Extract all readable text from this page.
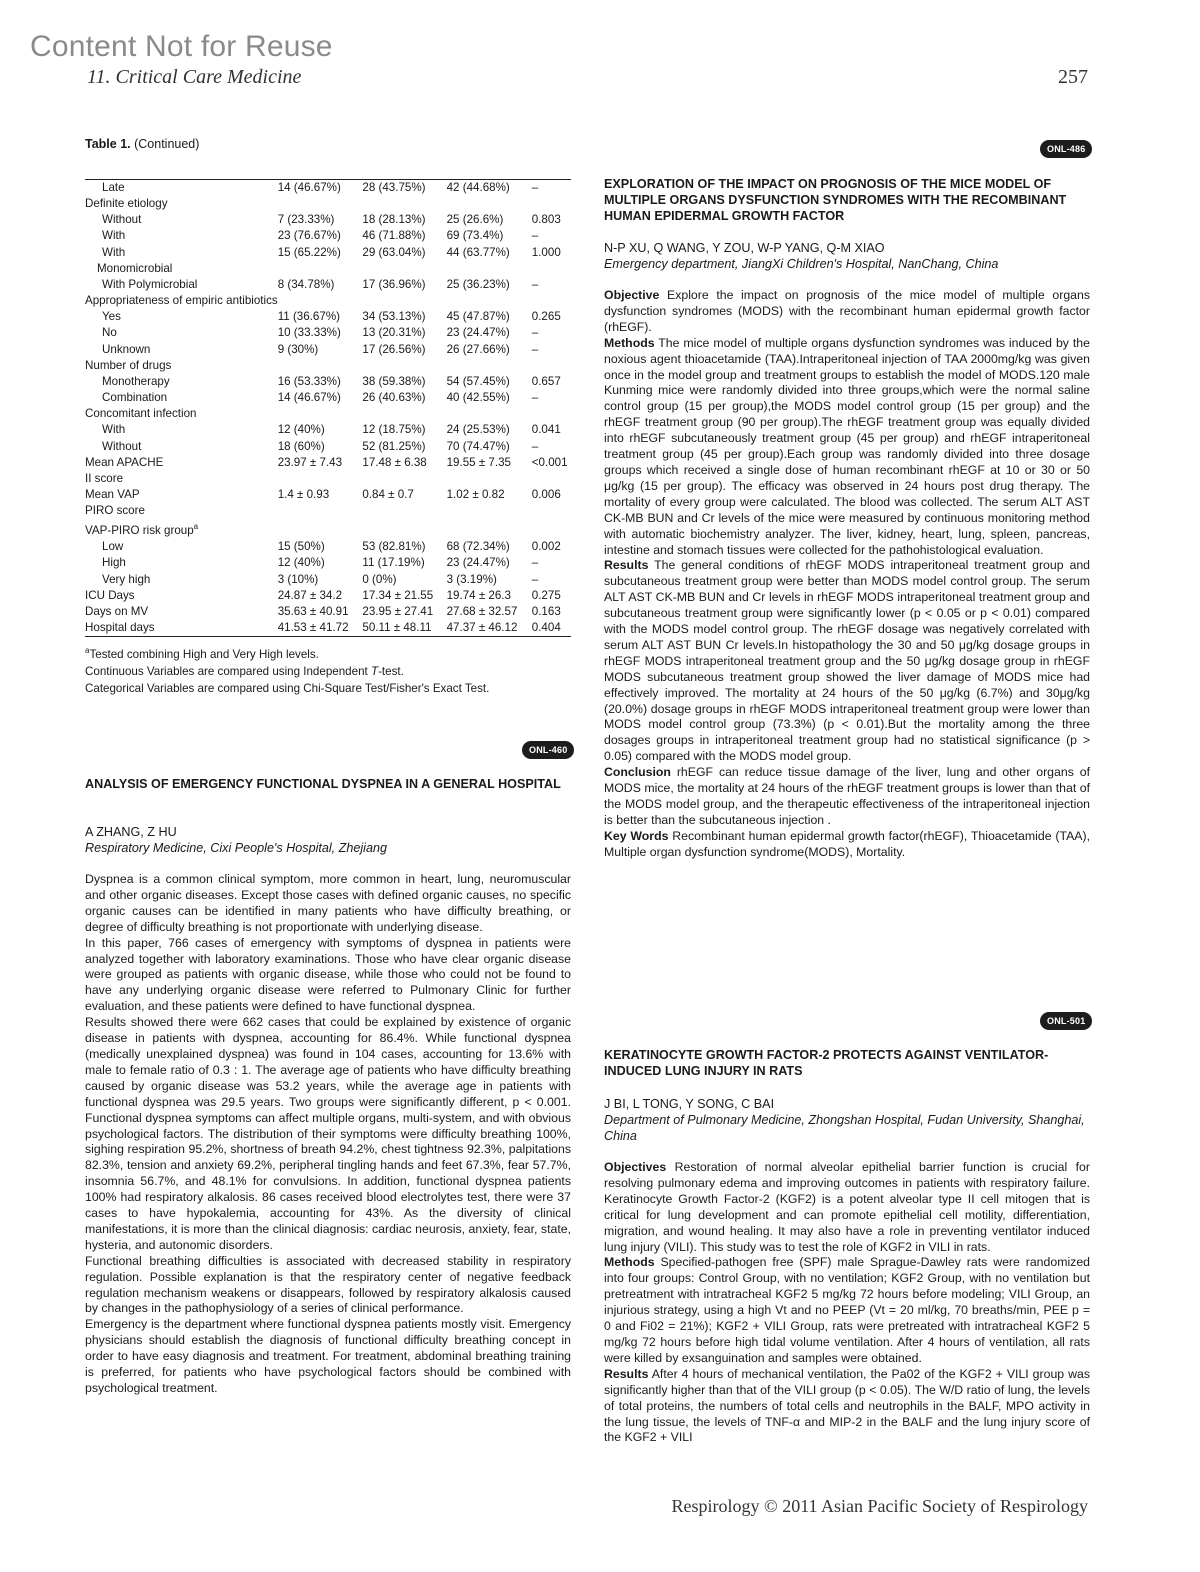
Content Not for Reuse
11. Critical Care Medicine	257
Table 1. (Continued)
Late	14 (46.67%)	28 (43.75%)	42 (44.68%)	–
Definite etiology				
Without	7 (23.33%)	18 (28.13%)	25 (26.6%)	0.803
With	23 (76.67%)	46 (71.88%)	69 (73.4%)	–
With	15 (65.22%)	29 (63.04%)	44 (63.77%)	1.000
Monomicrobial				
With Polymicrobial	8 (34.78%)	17 (36.96%)	25 (36.23%)	–
Appropriateness of empiric antibiotics				
Yes	11 (36.67%)	34 (53.13%)	45 (47.87%)	0.265
No	10 (33.33%)	13 (20.31%)	23 (24.47%)	–
Unknown	9 (30%)	17 (26.56%)	26 (27.66%)	–
Number of drugs				
Monotherapy	16 (53.33%)	38 (59.38%)	54 (57.45%)	0.657
Combination	14 (46.67%)	26 (40.63%)	40 (42.55%)	–
Concomitant infection				
With	12 (40%)	12 (18.75%)	24 (25.53%)	0.041
Without	18 (60%)	52 (81.25%)	70 (74.47%)	–
Mean APACHE	23.97 ± 7.43	17.48 ± 6.38	19.55 ± 7.35	<0.001
II score				
Mean VAP	1.4 ± 0.93	0.84 ± 0.7	1.02 ± 0.82	0.006
PIRO score				
VAP-PIRO risk group$^a$				
Low	15 (50%)	53 (82.81%)	68 (72.34%)	0.002
High	12 (40%)	11 (17.19%)	23 (24.47%)	–
Very high	3 (10%)	0 (0%)	3 (3.19%)	–
ICU Days	24.87 ± 34.2	17.34 ± 21.55	19.74 ± 26.3	0.275
Days on MV	35.63 ± 40.91	23.95 ± 27.41	27.68 ± 32.57	0.163
Hospital days	41.53 ± 41.72	50.11 ± 48.11	47.37 ± 46.12	0.404
$^a$Tested combining High and Very High levels.
Continuous Variables are compared using Independent T-test.
Categorical Variables are compared using Chi-Square Test/Fisher's Exact Test.
ONL-460
ANALYSIS OF EMERGENCY FUNCTIONAL DYSPNEA IN A GENERAL HOSPITAL
A ZHANG, Z HU
Respiratory Medicine, Cixi People's Hospital, Zhejiang

Dyspnea is a common clinical symptom, more common in heart, lung, neuromuscular and other organic diseases. Except those cases with defined organic causes, no specific organic causes can be identified in many patients who have difficulty breathing, or degree of difficulty breathing is not proportionate with underlying disease.

In this paper, 766 cases of emergency with symptoms of dyspnea in patients were analyzed together with laboratory examinations. Those who have clear organic disease were grouped as patients with organic disease, while those who could not be found to have any underlying organic disease were referred to Pulmonary Clinic for further evaluation, and these patients were defined to have functional dyspnea.

Results showed there were 662 cases that could be explained by existence of organic disease in patients with dyspnea, accounting for 86.4%. While functional dyspnea (medically unexplained dyspnea) was found in 104 cases, accounting for 13.6% with male to female ratio of 0.3 : 1. The average age of patients who have difficulty breathing caused by organic disease was 53.2 years, while the average age in patients with functional dyspnea was 29.5 years. Two groups were significantly different, p < 0.001. Functional dyspnea symptoms can affect multiple organs, multi-system, and with obvious psychological factors. The distribution of their symptoms were difficulty breathing 100%, sighing respiration 95.2%, shortness of breath 94.2%, chest tightness 92.3%, palpitations 82.3%, tension and anxiety 69.2%, peripheral tingling hands and feet 67.3%, fear 57.7%, insomnia 56.7%, and 48.1% for convulsions. In addition, functional dyspnea patients 100% had respiratory alkalosis. 86 cases received blood electrolytes test, there were 37 cases to have hypokalemia, accounting for 43%. As the diversity of clinical manifestations, it is more than the clinical diagnosis: cardiac neurosis, anxiety, fear, state, hysteria, and autonomic disorders.

Functional breathing difficulties is associated with decreased stability in respiratory regulation. Possible explanation is that the respiratory center of negative feedback regulation mechanism weakens or disappears, followed by respiratory alkalosis caused by changes in the pathophysiology of a series of clinical performance.

Emergency is the department where functional dyspnea patients mostly visit. Emergency physicians should establish the diagnosis of functional difficulty breathing concept in order to have easy diagnosis and treatment. For treatment, abdominal breathing training is preferred, for patients who have psychological factors should be combined with psychological treatment.

ONL-486
EXPLORATION OF THE IMPACT ON PROGNOSIS OF THE MICE MODEL OF MULTIPLE ORGANS DYSFUNCTION SYNDROMES WITH THE RECOMBINANT HUMAN EPIDERMAL GROWTH FACTOR
N-P XU, Q WANG, Y ZOU, W-P YANG, Q-M XIAO
Emergency department, JiangXi Children's Hospital, NanChang, China

Objective Explore the impact on prognosis of the mice model of multiple organs dysfunction syndromes (MODS) with the recombinant human epidermal growth factor (rhEGF).

Methods The mice model of multiple organs dysfunction syndromes was induced by the noxious agent thioacetamide (TAA).Intraperitoneal injection of TAA 2000mg/kg was given once in the model group and treatment groups to establish the model of MODS.120 male Kunming mice were randomly divided into three groups,which were the normal saline control group (15 per group),the MODS model control group (15 per group) and the rhEGF treatment group (90 per group).The rhEGF treatment group was equally divided into rhEGF subcutaneously treatment group (45 per group) and rhEGF intraperitoneal treatment group (45 per group).Each group was randomly divided into three dosage groups which received a single dose of human recombinant rhEGF at 10 or 30 or 50 μg/kg (15 per group). The efficacy was observed in 24 hours post drug therapy. The mortality of every group were calculated. The blood was collected. The serum ALT AST CK-MB BUN and Cr levels of the mice were measured by continuous monitoring method with automatic biochemistry analyzer. The liver, kidney, heart, lung, spleen, pancreas, intestine and stomach tissues were collected for the pathohistological evaluation.

Results The general conditions of rhEGF MODS intraperitoneal treatment group and subcutaneous treatment group were better than MODS model control group. The serum ALT AST CK-MB BUN and Cr levels in rhEGF MODS intraperitoneal treatment group and subcutaneous treatment group were significantly lower (p < 0.05 or p < 0.01) compared with the MODS model control group. The rhEGF dosage was negatively correlated with serum ALT AST BUN Cr levels.In histopathology the 30 and 50 μg/kg dosage groups in rhEGF MODS intraperitoneal treatment group and the 50 μg/kg dosage group in rhEGF MODS subcutaneous treatment group showed the liver damage of MODS mice had effectively improved. The mortality at 24 hours of the 50 μg/kg (6.7%) and 30μg/kg (20.0%) dosage groups in rhEGF MODS intraperitoneal treatment group were lower than MODS model control group (73.3%) (p < 0.01).But the mortality among the three dosages groups in intraperitoneal treatment group had no statistical significance (p > 0.05) compared with the MODS model group.

Conclusion rhEGF can reduce tissue damage of the liver, lung and other organs of MODS mice, the mortality at 24 hours of the rhEGF treatment groups is lower than that of the MODS model group, and the therapeutic effectiveness of the intraperitoneal injection is better than the subcutaneous injection .

Key Words Recombinant human epidermal growth factor(rhEGF), Thioacetamide (TAA), Multiple organ dysfunction syndrome(MODS), Mortality.

ONL-501
KERATINOCYTE GROWTH FACTOR-2 PROTECTS AGAINST VENTILATOR-INDUCED LUNG INJURY IN RATS
J BI, L TONG, Y SONG, C BAI
Department of Pulmonary Medicine, Zhongshan Hospital, Fudan University, Shanghai, China

Objectives Restoration of normal alveolar epithelial barrier function is crucial for resolving pulmonary edema and improving outcomes in patients with respiratory failure. Keratinocyte Growth Factor-2 (KGF2) is a potent alveolar type II cell mitogen that is critical for lung development and can promote epithelial cell motility, differentiation, migration, and wound healing. It may also have a role in preventing ventilator induced lung injury (VILI). This study was to test the role of KGF2 in VILI in rats.

Methods Specified-pathogen free (SPF) male Sprague-Dawley rats were randomized into four groups: Control Group, with no ventilation; KGF2 Group, with no ventilation but pretreatment with intratracheal KGF2 5 mg/kg 72 hours before modeling; VILI Group, an injurious strategy, using a high Vt and no PEEP (Vt = 20 ml/kg, 70 breaths/min, PEE p = 0 and Fi02 = 21%); KGF2 + VILI Group, rats were pretreated with intratracheal KGF2 5 mg/kg 72 hours before high tidal volume ventilation. After 4 hours of ventilation, all rats were killed by exsanguination and samples were obtained.

Results After 4 hours of mechanical ventilation, the Pa02 of the KGF2 + VILI group was significantly higher than that of the VILI group (p < 0.05). The W/D ratio of lung, the levels of total proteins, the numbers of total cells and neutrophils in the BALF, MPO activity in the lung tissue, the levels of TNF-α and MIP-2 in the BALF and the lung injury score of the KGF2 + VILI

Respirology © 2011 Asian Pacific Society of Respirology
